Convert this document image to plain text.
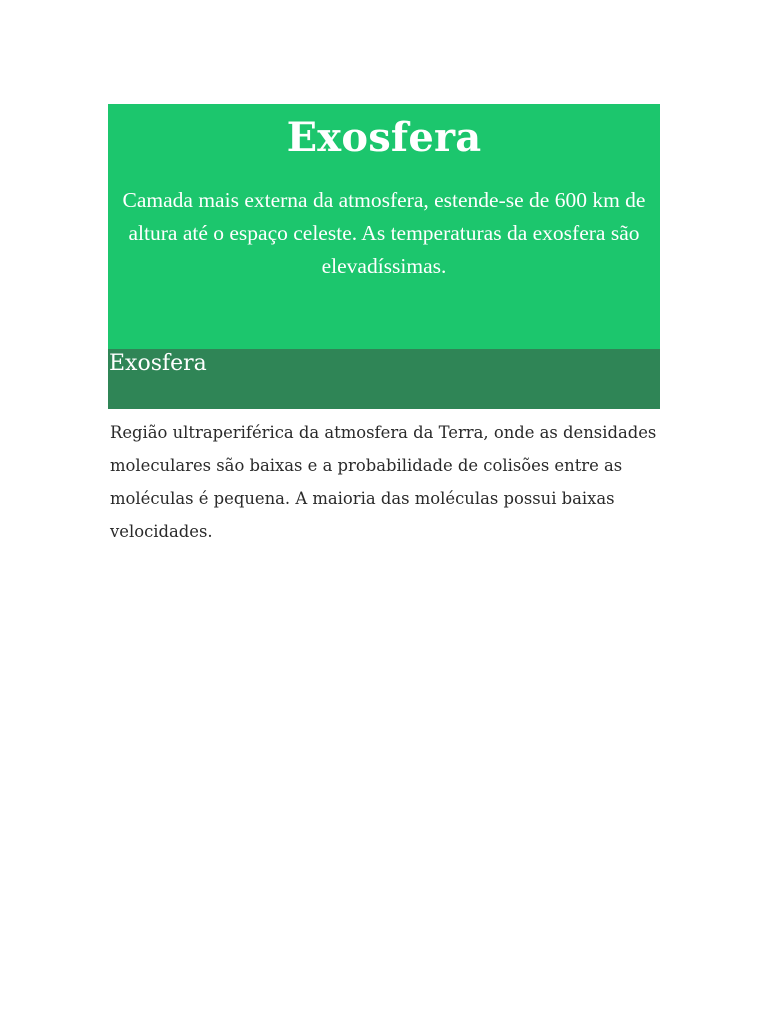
Exosfera

Camada mais externa da atmosfera, estende-se de 600 km de altura até o espaço celeste. As temperaturas da exosfera são elevadíssimas.

Exosfera

Região ultraperiférica da atmosfera da Terra, onde as densidades moleculares são baixas e a probabilidade de colisões entre as moléculas é pequena. A maioria das moléculas possui baixas velocidades.
